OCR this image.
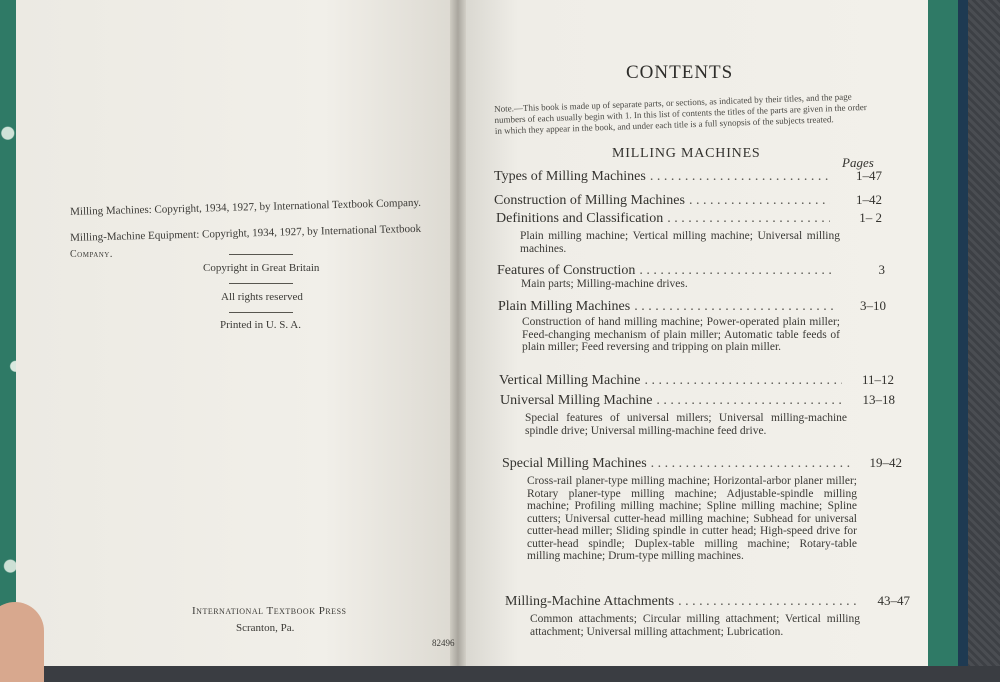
Milling Machines: Copyright, 1934, 1927, by International Textbook Company.
Milling-Machine Equipment: Copyright, 1934, 1927, by International Textbook
Company.
Copyright in Great Britain
All rights reserved
Printed in U. S. A.
International Textbook Press
Scranton, Pa.
82496
CONTENTS
Note.—This book is made up of separate parts, or sections, as indicated by their titles, and the page numbers of each usually begin with 1. In this list of contents the titles of the parts are given in the order in which they appear in the book, and under each title is a full synopsis of the subjects treated.
MILLING MACHINES
Pages
Types of Milling Machines . . .	1–47
Construction of Milling Machines . . .	1–42
Definitions and Classification . . .	1– 2
Plain milling machine; Vertical milling machine; Universal milling machines.
Features of Construction . . .	3
Main parts; Milling-machine drives.
Plain Milling Machines . . .	3–10
Construction of hand milling machine; Power-operated plain miller; Feed-changing mechanism of plain miller; Automatic table feeds of plain miller; Feed reversing and tripping on plain miller.
Vertical Milling Machine . . .	11–12
Universal Milling Machine . . .	13–18
Special features of universal millers; Universal milling-machine spindle drive; Universal milling-machine feed drive.
Special Milling Machines . . .	19–42
Cross-rail planer-type milling machine; Horizontal-arbor planer miller; Rotary planer-type milling machine; Adjustable-spindle milling machine; Profiling milling machine; Spline milling machine; Spline cutters; Universal cutter-head milling machine; Subhead for universal cutter-head miller; Sliding spindle in cutter head; High-speed drive for cutter-head spindle; Duplex-table milling machine; Rotary-table milling machine; Drum-type milling machines.
Milling-Machine Attachments . . .	43–47
Common attachments; Circular milling attachment; Vertical milling attachment; Universal milling attachment; Lubrication.
